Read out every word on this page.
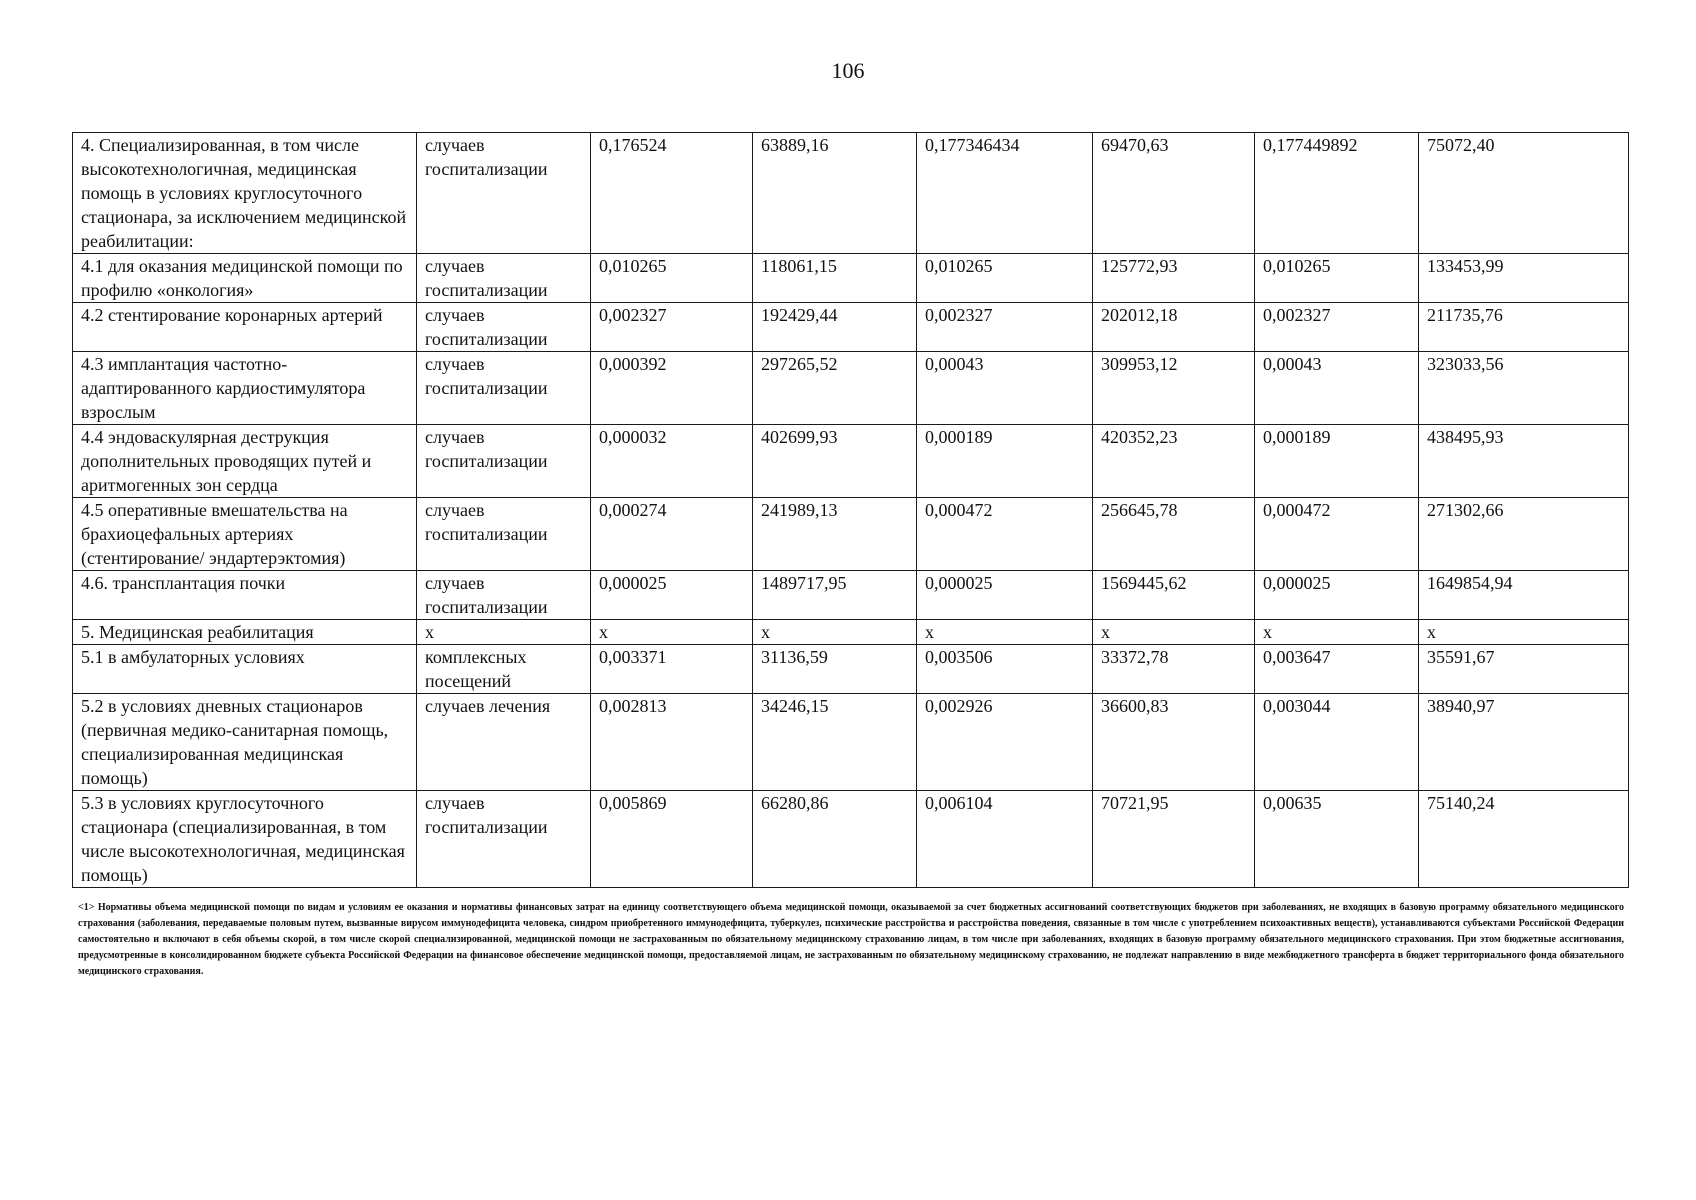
106
4. Специализированная, в том числе высокотехнологичная, медицинская помощь в условиях круглосуточного стационара, за исключением медицинской реабилитации:	случаев госпитализации	0,176524	63889,16	0,177346434	69470,63	0,177449892	75072,40
4.1 для оказания медицинской помощи по профилю «онкология»	случаев госпитализации	0,010265	118061,15	0,010265	125772,93	0,010265	133453,99
4.2 стентирование коронарных артерий	случаев госпитализации	0,002327	192429,44	0,002327	202012,18	0,002327	211735,76
4.3 имплантация частотно-адаптированного кардиостимулятора взрослым	случаев госпитализации	0,000392	297265,52	0,00043	309953,12	0,00043	323033,56
4.4 эндоваскулярная деструкция дополнительных проводящих путей и аритмогенных зон сердца	случаев госпитализации	0,000032	402699,93	0,000189	420352,23	0,000189	438495,93
4.5 оперативные вмешательства на брахиоцефальных артериях (стентирование/ эндартерэктомия)	случаев госпитализации	0,000274	241989,13	0,000472	256645,78	0,000472	271302,66
4.6. трансплантация почки	случаев госпитализации	0,000025	1489717,95	0,000025	1569445,62	0,000025	1649854,94
5. Медицинская реабилитация	х	х	х	х	х	х	х
5.1 в амбулаторных условиях	комплексных посещений	0,003371	31136,59	0,003506	33372,78	0,003647	35591,67
5.2 в условиях дневных стационаров (первичная медико-санитарная помощь, специализированная медицинская помощь)	случаев лечения	0,002813	34246,15	0,002926	36600,83	0,003044	38940,97
5.3 в условиях круглосуточного стационара (специализированная, в том числе высокотехнологичная, медицинская помощь)	случаев госпитализации	0,005869	66280,86	0,006104	70721,95	0,00635	75140,24
<1> Нормативы объема медицинской помощи по видам и условиям ее оказания и нормативы финансовых затрат на единицу соответствующего объема медицинской помощи, оказываемой за счет бюджетных ассигнований соответствующих бюджетов при заболеваниях, не входящих в базовую программу обязательного медицинского страхования (заболевания, передаваемые половым путем, вызванные вирусом иммунодефицита человека, синдром приобретенного иммунодефицита, туберкулез, психические расстройства и расстройства поведения, связанные в том числе с употреблением психоактивных веществ), устанавливаются субъектами Российской Федерации самостоятельно и включают в себя объемы скорой, в том числе скорой специализированной, медицинской помощи не застрахованным по обязательному медицинскому страхованию лицам, в том числе при заболеваниях, входящих в базовую программу обязательного медицинского страхования. При этом бюджетные ассигнования, предусмотренные в консолидированном бюджете субъекта Российской Федерации на финансовое обеспечение медицинской помощи, предоставляемой лицам, не застрахованным по обязательному медицинскому страхованию, не подлежат направлению в виде межбюджетного трансферта в бюджет территориального фонда обязательного медицинского страхования.
